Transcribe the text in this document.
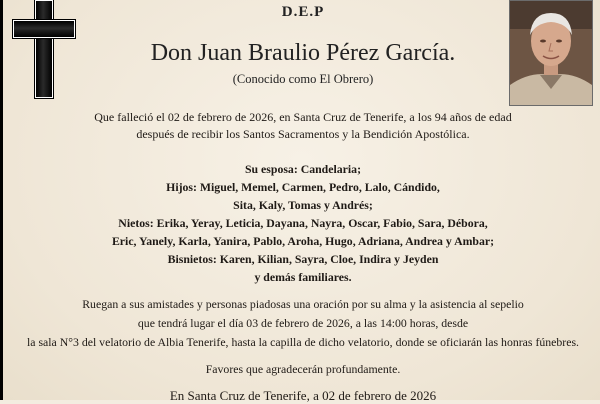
D.E.P
Don Juan Braulio Pérez García.
(Conocido como El Obrero)
Que falleció el 02 de febrero de 2026, en Santa Cruz de Tenerife, a los 94 años de edad
después de recibir los Santos Sacramentos y la Bendición Apostólica.
Su esposa: Candelaria;
Hijos: Miguel, Memel, Carmen, Pedro, Lalo, Cándido,
Sita, Kaly, Tomas y Andrés;
Nietos: Erika, Yeray, Leticia, Dayana, Nayra, Oscar, Fabio, Sara, Débora,
Eric, Yanely, Karla, Yanira, Pablo, Aroha, Hugo, Adriana, Andrea y Ambar;
Bisnietos: Karen, Kilian, Sayra, Cloe, Indira y Jeyden
y demás familiares.
Ruegan a sus amistades y personas piadosas una oración por su alma y la asistencia al sepelio
que tendrá lugar el día 03 de febrero de 2026, a las 14:00 horas, desde
la sala N°3 del velatorio de Albia Tenerife, hasta la capilla de dicho velatorio, donde se oficiarán las honras fúnebres.
Favores que agradecerán profundamente.
En Santa Cruz de Tenerife, a 02 de febrero de 2026
